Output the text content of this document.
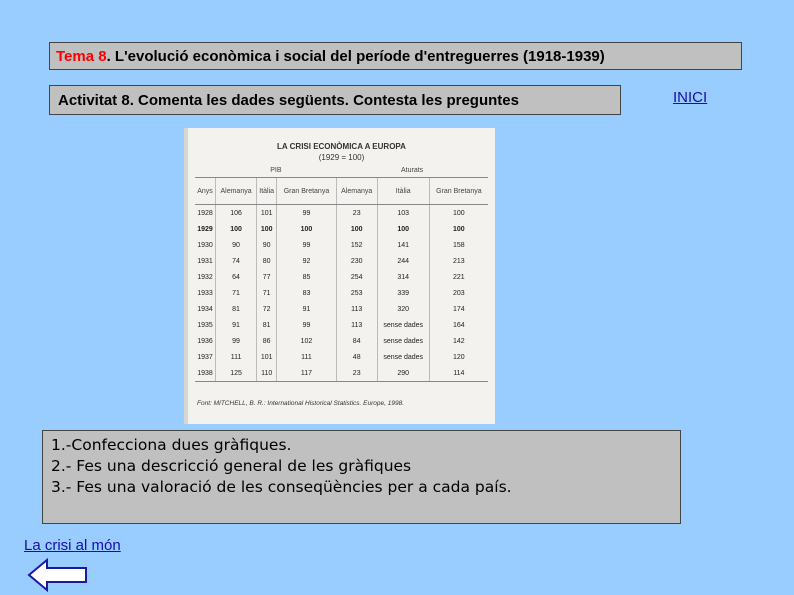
Tema 8 . L'evolució econòmica i social del període d'entreguerres (1918-1939)
Activitat 8. Comenta les dades següents. Contesta les preguntes	INICI
LA CRISI ECONÒMICA A EUROPA
(1929 = 100)
	PIB			Aturats		
Anys	Alemanya	Itàlia	Gran Bretanya	Alemanya	Itàlia	Gran Bretanya
1928	106	101	99	23	103	100
1929	100	100	100	100	100	100
1930	90	90	99	152	141	158
1931	74	80	92	230	244	213
1932	64	77	85	254	314	221
1933	71	71	83	253	339	203
1934	81	72	91	113	320	174
1935	91	81	99	113	sense dades	164
1936	99	86	102	84	sense dades	142
1937	111	101	111	48	sense dades	120
1938	125	110	117	23	290	114
Font: MITCHELL, B. R.: International Historical Statistics. Europe, 1998.
1.-Confecciona dues gràfiques.
2.- Fes una descricció general de les gràfiques
3.- Fes una valoració de les conseqüències per a cada país.
La crisi al món
